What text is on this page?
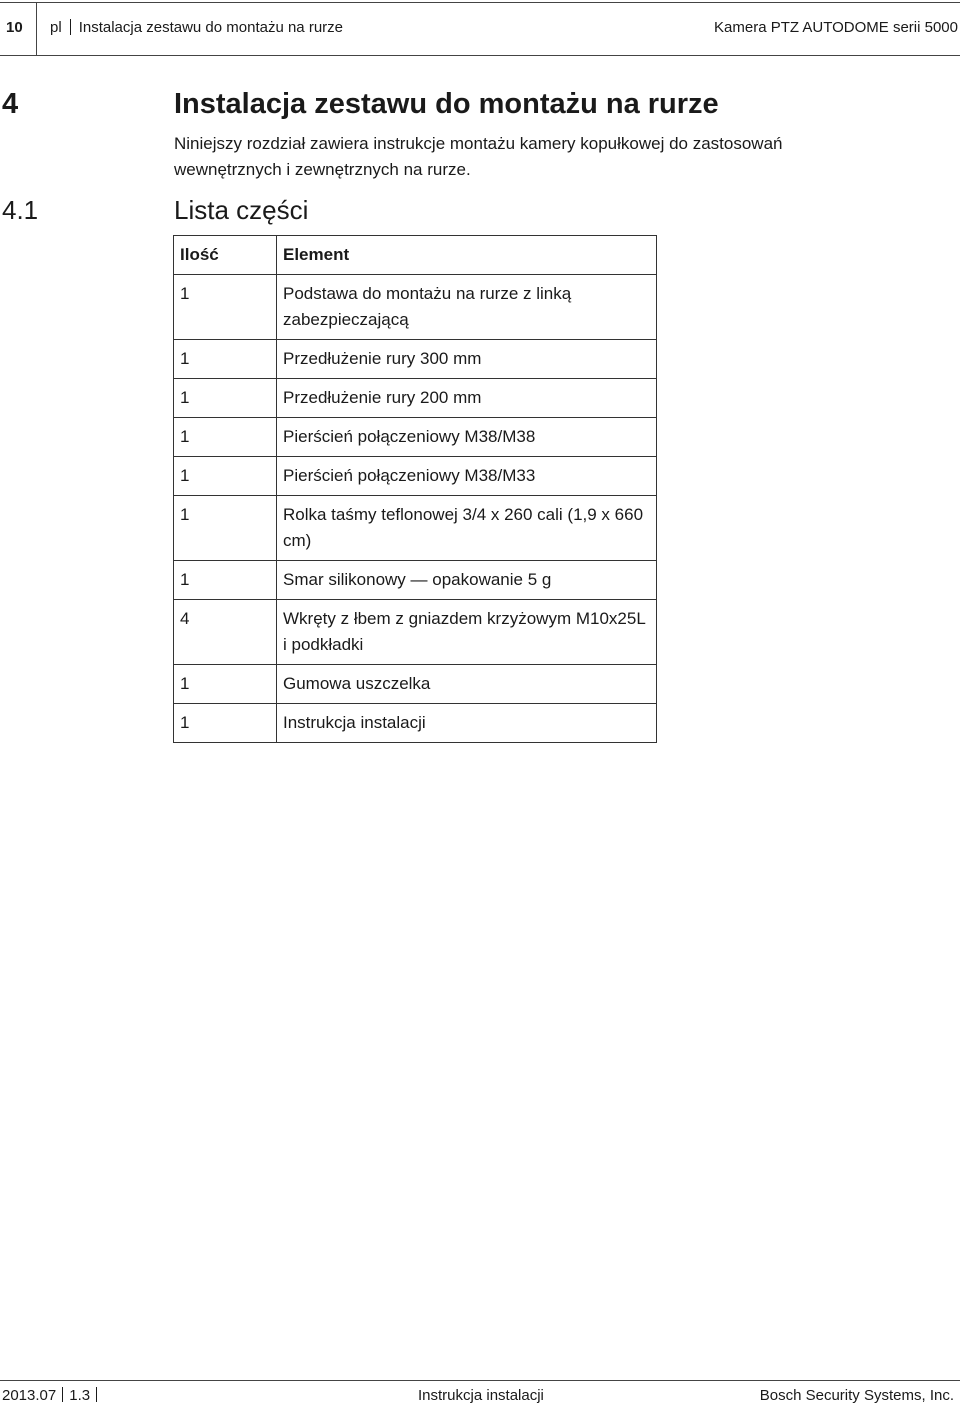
10 pl Instalacja zestawu do montażu na rurze	Kamera PTZ AUTODOME serii 5000
4	Instalacja zestawu do montażu na rurze

Niniejszy rozdział zawiera instrukcje montażu kamery kopułkowej do zastosowań wewnętrznych i zewnętrznych na rurze.

4.1	Lista części
Ilość	Element
1	Podstawa do montażu na rurze z linką zabezpieczającą
1	Przedłużenie rury 300 mm
1	Przedłużenie rury 200 mm
1	Pierścień połączeniowy M38/M38
1	Pierścień połączeniowy M38/M33
1	Rolka taśmy teflonowej 3/4 x 260 cali (1,9 x 660 cm)
1	Smar silikonowy — opakowanie 5 g
4	Wkręty z łbem z gniazdem krzyżowym M10x25L i podkładki
1	Gumowa uszczelka
1	Instrukcja instalacji
2013.07 1.3	Instrukcja instalacji	Bosch Security Systems, Inc.
